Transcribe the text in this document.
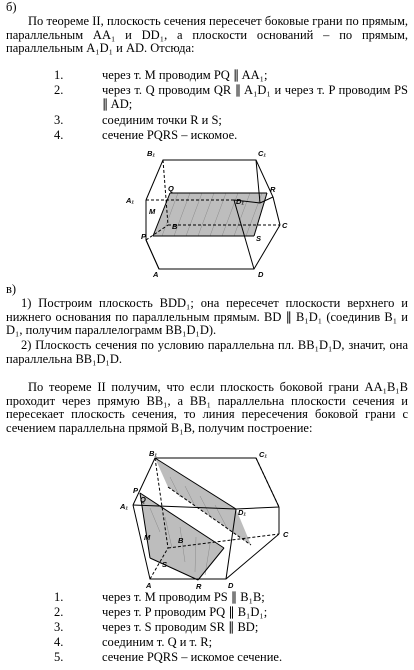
б)

По теореме II, плоскость сечения пересечет боковые грани по прямым, параллельным AA₁ и DD₁, а плоскости оснований – по прямым, параллельным A₁D₁ и AD. Отсюда:

1.	через т. M проводим PQ ∥ AA₁;
2.	через т. Q проводим QR ∥ A₁D₁ и через т. P проводим PS ∥ AD;
3.	соединим точки R и S;
4.	сечение PQRS – искомое.
B₁	C₁
A₁	D₁
Q	R
M
B	C
P	S
A	D
в)

1) Построим плоскость BDD₁; она пересечет плоскости верхнего и нижнего основания по параллельным прямым. BD ∥ B₁D₁ (соединив B₁ и D₁, получим параллелограмм BB₁D₁D).

2) Плоскость сечения по условию параллельна пл. BB₁D₁D, значит, она параллельна BB₁D₁D.

По теореме II получим, что если плоскость боковой грани AA₁B₁B проходит через прямую BB₁, а BB₁ параллельна плоскости сечения и пересекает плоскость сечения, то линия пересечения боковой грани с сечением параллельна прямой B₁B, получим построение:

B₁	C₁
P
A₁
Q
D₁
M	B
C
S
A	R	D
1.	через т. M проводим PS ∥ B₁B;
2.	через т. P проводим PQ ∥ B₁D₁;
3.	через т. S проводим SR ∥ BD;
4.	соединим т. Q и т. R;
5.	сечение PQRS – искомое сечение.
